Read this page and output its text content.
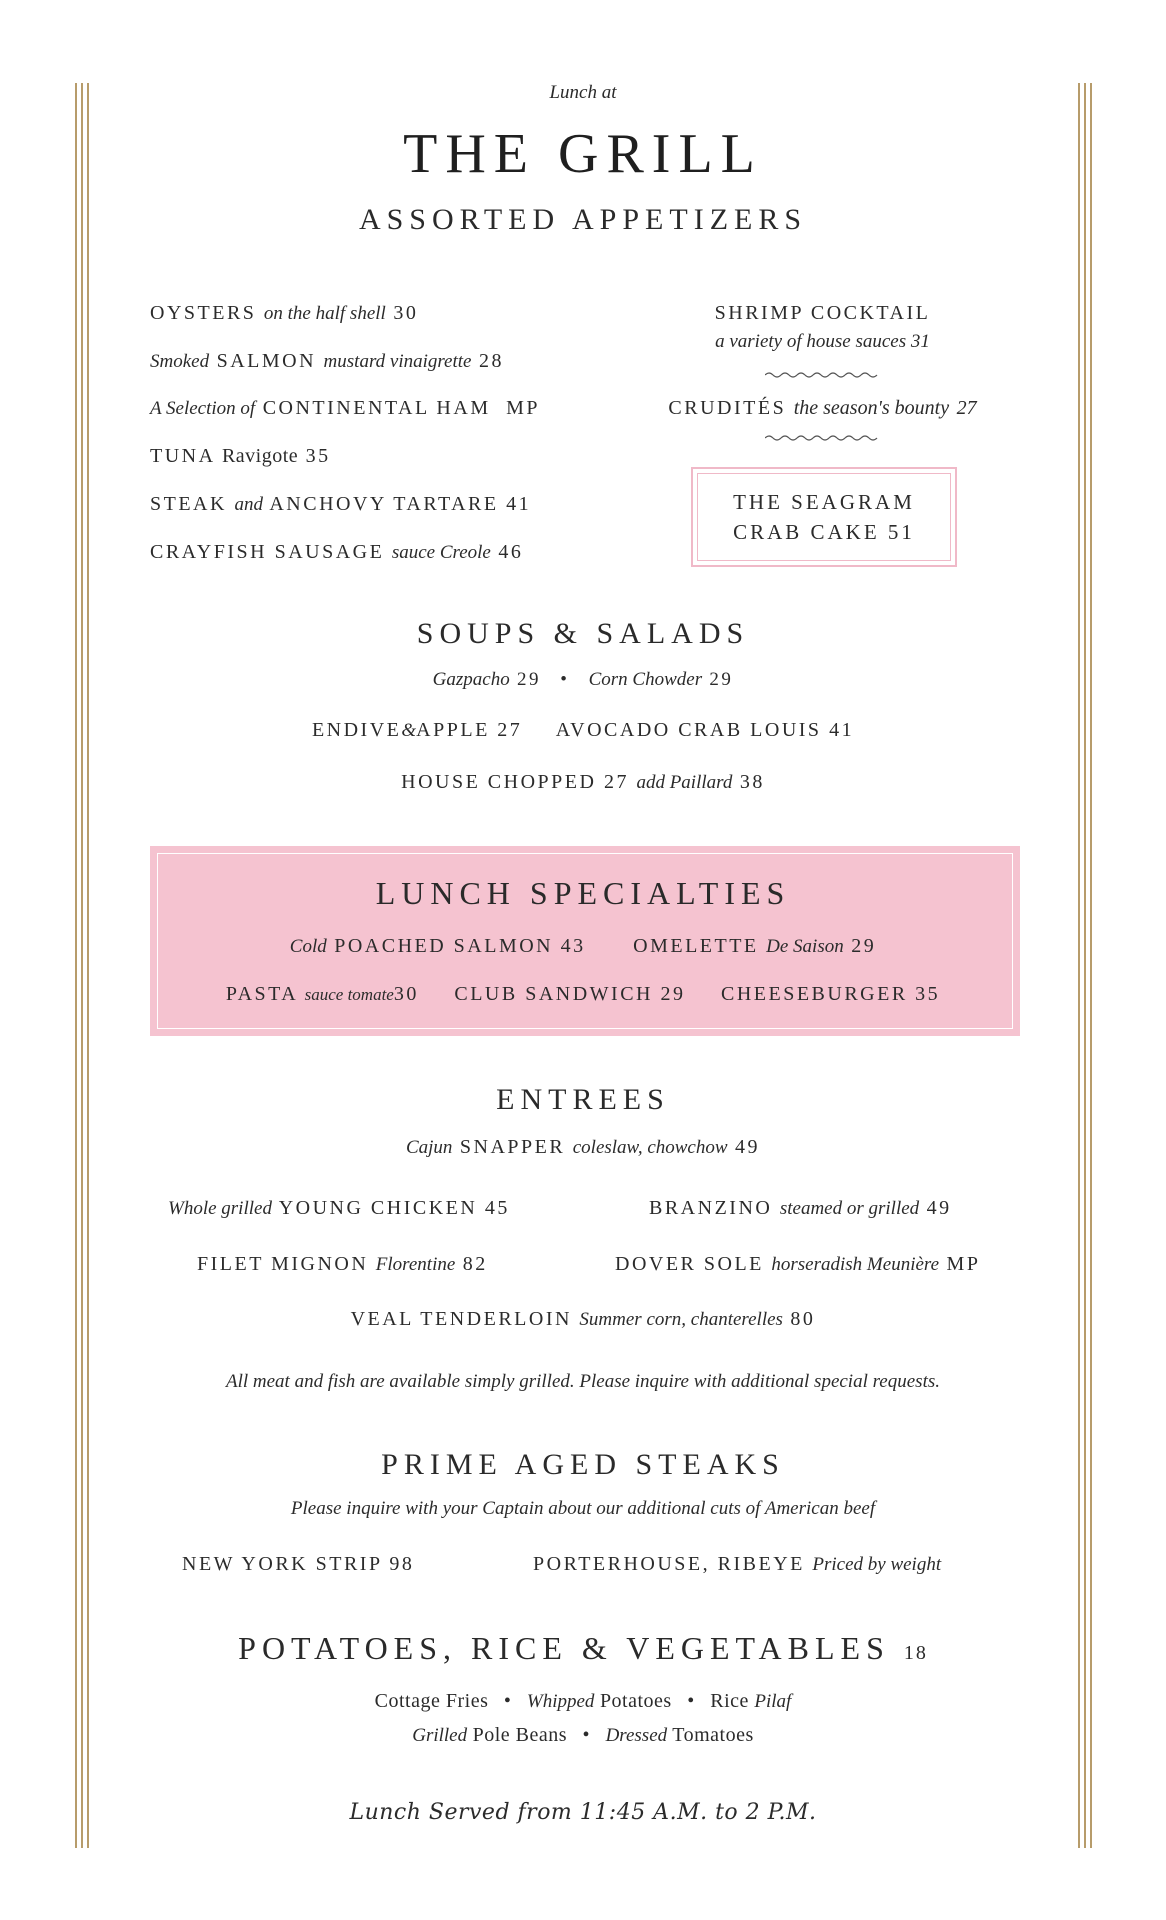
Lunch at
THE GRILL
ASSORTED APPETIZERS
OYSTERS on the half shell 30
Smoked SALMON mustard vinaigrette 28
A Selection of CONTINENTAL HAM MP
TUNA Ravigote 35
STEAK and ANCHOVY TARTARE 41
CRAYFISH SAUSAGE sauce Creole 46
SHRIMP COCKTAIL
a variety of house sauces 31
CRUDITÉS the season's bounty 27
THE SEAGRAM
CRAB CAKE 51
SOUPS & SALADS
Gazpacho 29 • Corn Chowder 29
ENDIVE&APPLE 27 AVOCADO CRAB LOUIS 41
HOUSE CHOPPED 27 add Paillard 38
LUNCH SPECIALTIES
Cold POACHED SALMON 43 OMELETTE De Saison 29
PASTA sauce tomate30 CLUB SANDWICH 29 CHEESEBURGER 35
ENTREES
Cajun SNAPPER coleslaw, chowchow 49
Whole grilled YOUNG CHICKEN 45	BRANZINO steamed or grilled 49
FILET MIGNON Florentine 82	DOVER SOLE horseradish Meunière MP
VEAL TENDERLOIN Summer corn, chanterelles 80
All meat and fish are available simply grilled. Please inquire with additional special requests.
PRIME AGED STEAKS
Please inquire with your Captain about our additional cuts of American beef
NEW YORK STRIP 98	PORTERHOUSE, RIBEYE Priced by weight
POTATOES, RICE & VEGETABLES 18
Cottage Fries • Whipped Potatoes • Rice Pilaf
Grilled Pole Beans • Dressed Tomatoes
Lunch Served from 11:45 A.M. to 2 P.M.
